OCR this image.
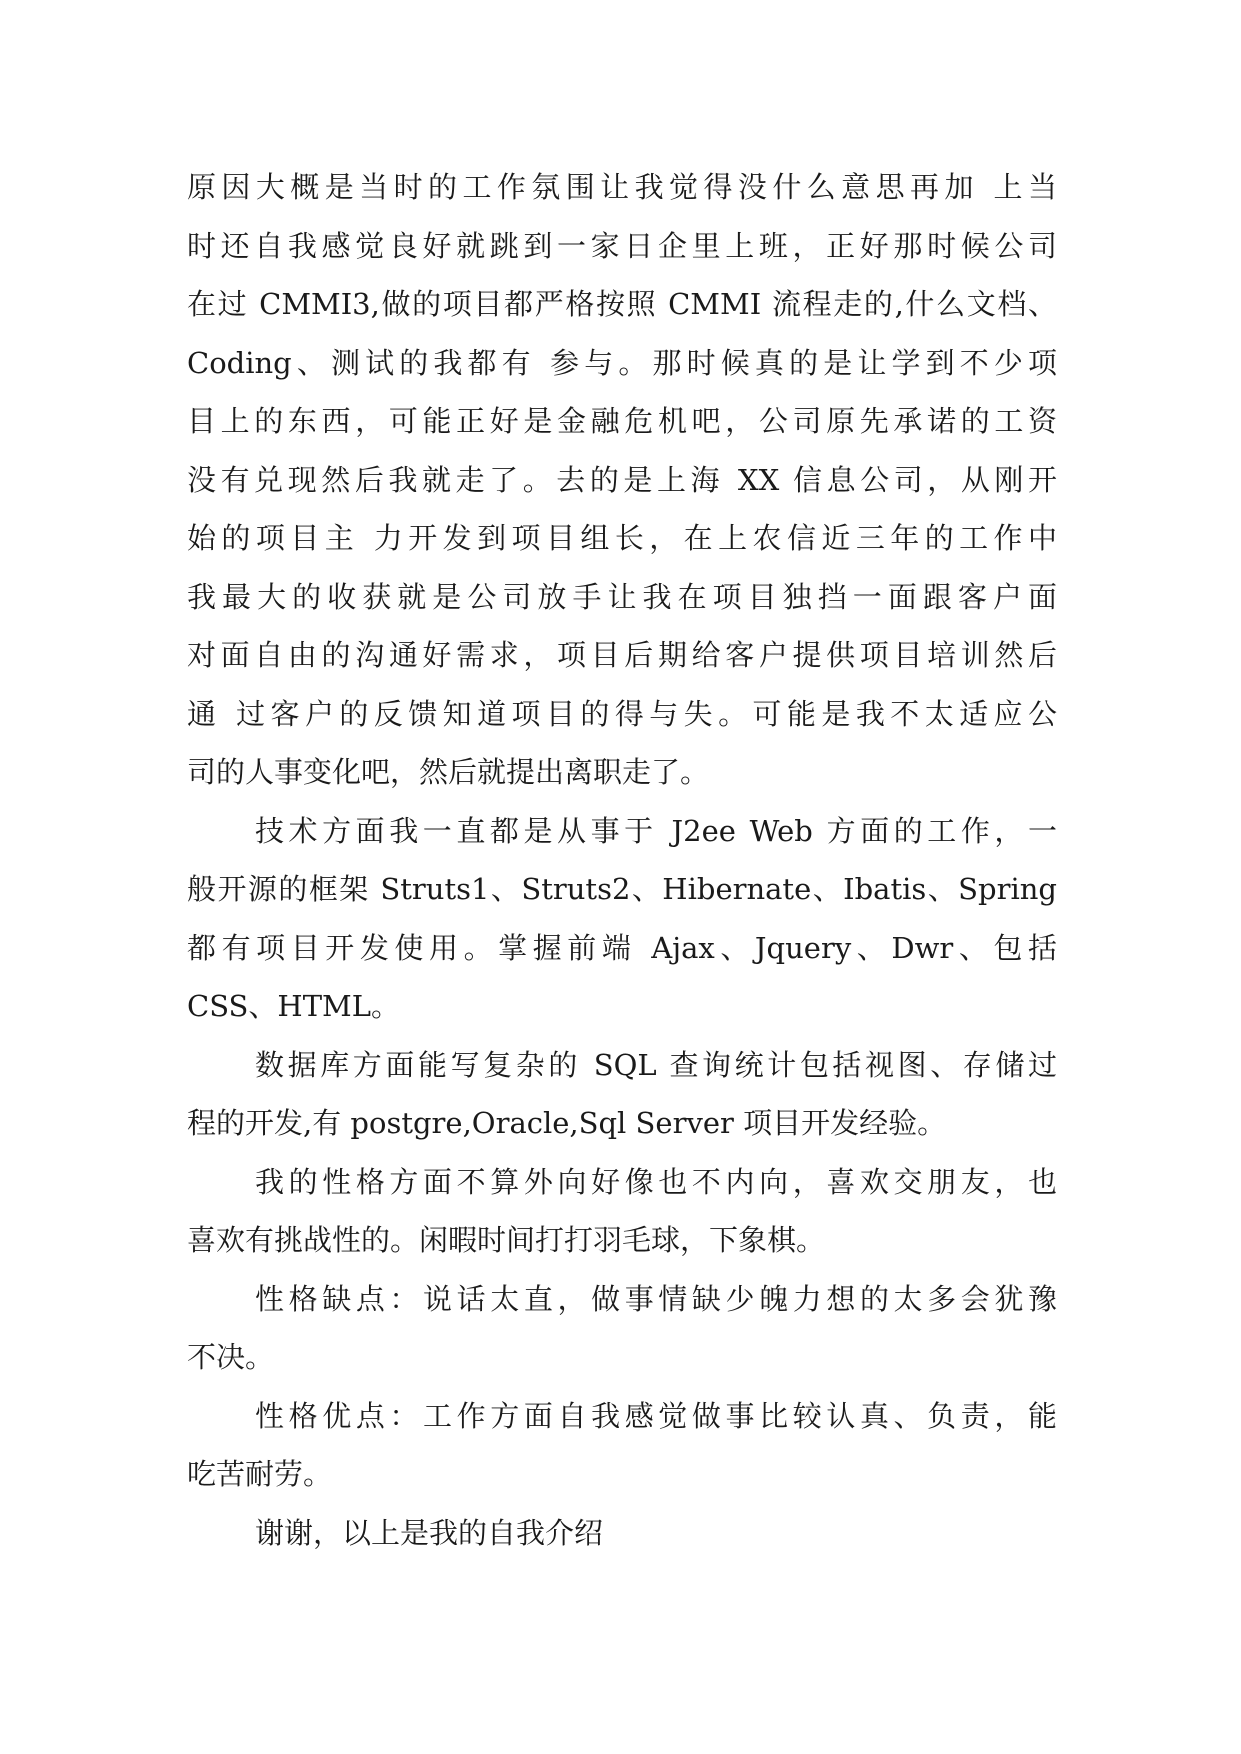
原因大概是当时的工作氛围让我觉得没什么意思再加 上当
时还自我感觉良好就跳到一家日企里上班，正好那时候公司
在过 CMMI3,做的项目都严格按照 CMMI 流程走的,什么文档、
Coding、测试的我都有 参与。那时候真的是让学到不少项
目上的东西，可能正好是金融危机吧，公司原先承诺的工资
没有兑现然后我就走了。去的是上海 XX 信息公司，从刚开
始的项目主 力开发到项目组长，在上农信近三年的工作中
我最大的收获就是公司放手让我在项目独挡一面跟客户面
对面自由的沟通好需求，项目后期给客户提供项目培训然后
通 过客户的反馈知道项目的得与失。可能是我不太适应公
司的人事变化吧，然后就提出离职走了。
技术方面我一直都是从事于 J2ee Web 方面的工作，一
般开源的框架 Struts1、Struts2、Hibernate、Ibatis、Spring
都有项目开发使用。掌握前端 Ajax、Jquery、Dwr、包括
CSS、HTML。
数据库方面能写复杂的 SQL 查询统计包括视图、存储过
程的开发,有 postgre,Oracle,Sql Server 项目开发经验。
我的性格方面不算外向好像也不内向，喜欢交朋友，也
喜欢有挑战性的。闲暇时间打打羽毛球，下象棋。
性格缺点：说话太直，做事情缺少魄力想的太多会犹豫
不决。
性格优点：工作方面自我感觉做事比较认真、负责，能
吃苦耐劳。
谢谢，以上是我的自我介绍
